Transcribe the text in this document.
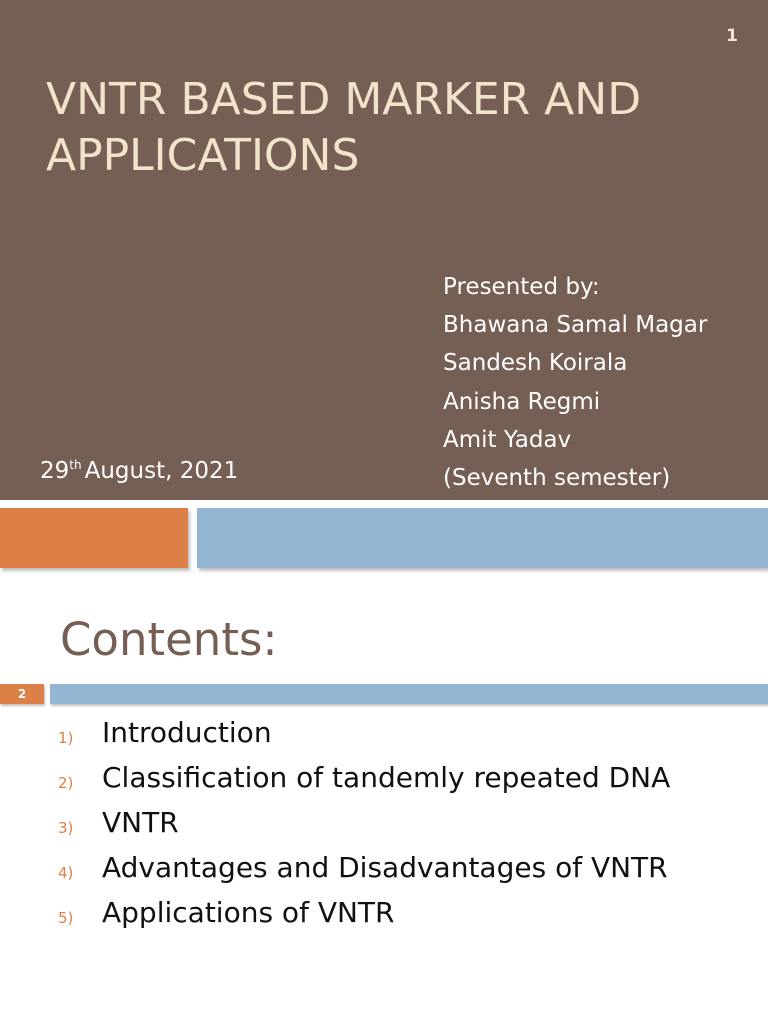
1
VNTR BASED MARKER AND APPLICATIONS
Presented by:
Bhawana Samal Magar
Sandesh Koirala
Anisha Regmi
Amit Yadav
(Seventh semester)
29th August, 2021
Contents:
2
1)	Introduction
2)	Classification of tandemly repeated DNA
3)	VNTR
4)	Advantages and Disadvantages of VNTR
5)	Applications of VNTR
